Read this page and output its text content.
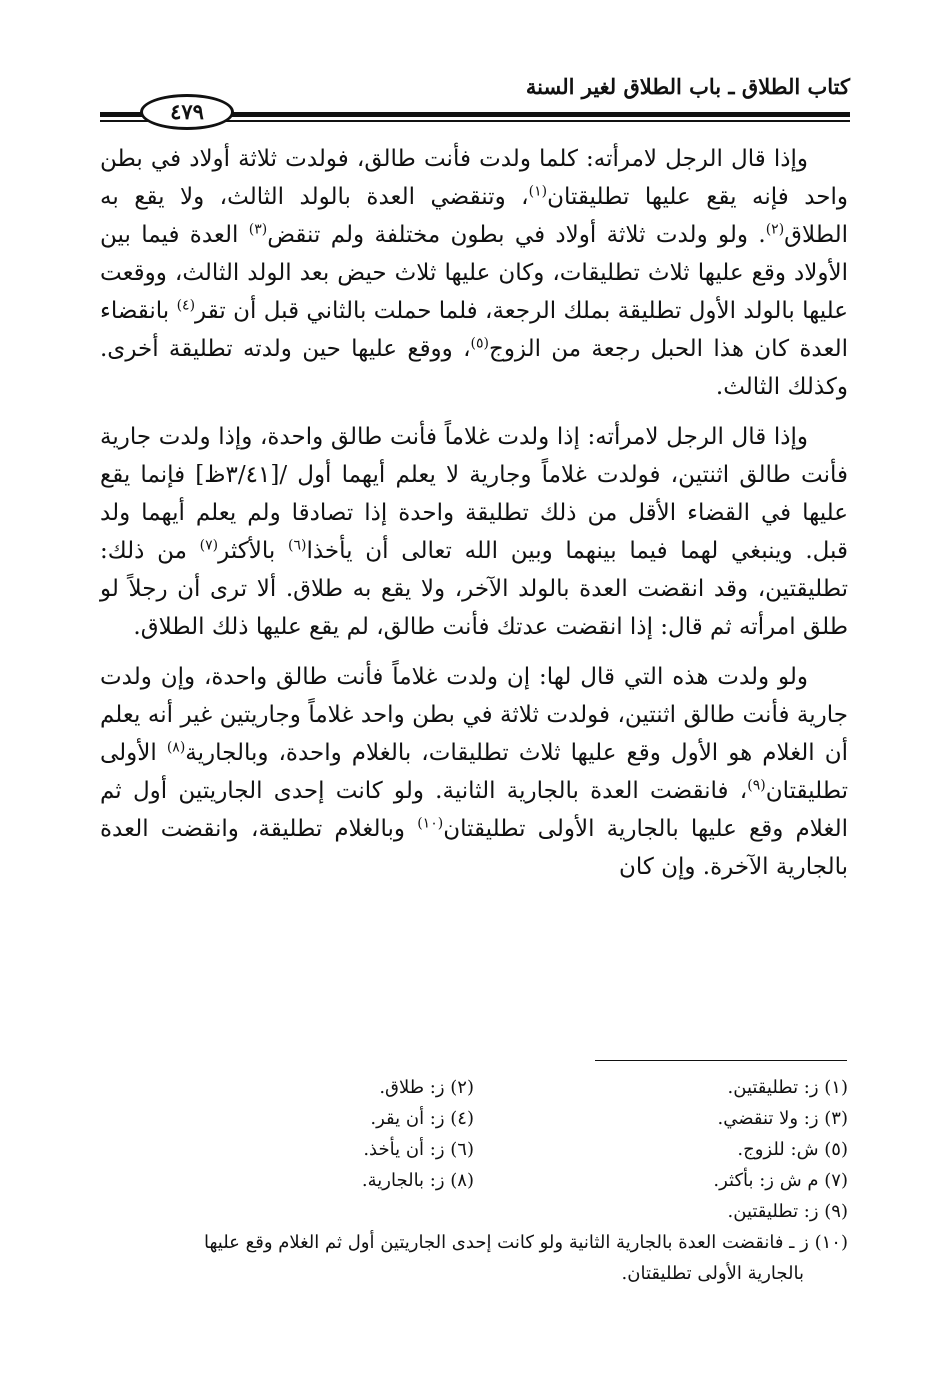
كتاب الطلاق ـ باب الطلاق لغير السنة
٤٧٩

وإذا قال الرجل لامرأته: كلما ولدت فأنت طالق، فولدت ثلاثة أولاد في بطن واحد فإنه يقع عليها تطليقتان$^{(١)}$، وتنقضي العدة بالولد الثالث، ولا يقع به الطلاق$^{(٢)}$. ولو ولدت ثلاثة أولاد في بطون مختلفة ولم تنقض$^{(٣)}$ العدة فيما بين الأولاد وقع عليها ثلاث تطليقات، وكان عليها ثلاث حيض بعد الولد الثالث، ووقعت عليها بالولد الأول تطليقة بملك الرجعة، فلما حملت بالثاني قبل أن تقر$^{(٤)}$ بانقضاء العدة كان هذا الحبل رجعة من الزوج$^{(٥)}$، ووقع عليها حين ولدته تطليقة أخرى. وكذلك الثالث.

وإذا قال الرجل لامرأته: إذا ولدت غلاماً فأنت طالق واحدة، وإذا ولدت جارية فأنت طالق اثنتين، فولدت غلاماً وجارية لا يعلم أيهما أول /[٣/٤١ظ] فإنما يقع عليها في القضاء الأقل من ذلك تطليقة واحدة إذا تصادقا ولم يعلم أيهما ولد قبل. وينبغي لهما فيما بينهما وبين الله تعالى أن يأخذا$^{(٦)}$ بالأكثر$^{(٧)}$ من ذلك: تطليقتين، وقد انقضت العدة بالولد الآخر، ولا يقع به طلاق. ألا ترى أن رجلاً لو طلق امرأته ثم قال: إذا انقضت عدتك فأنت طالق، لم يقع عليها ذلك الطلاق.

ولو ولدت هذه التي قال لها: إن ولدت غلاماً فأنت طالق واحدة، وإن ولدت جارية فأنت طالق اثنتين، فولدت ثلاثة في بطن واحد غلاماً وجاريتين غير أنه يعلم أن الغلام هو الأول وقع عليها ثلاث تطليقات، بالغلام واحدة، وبالجارية$^{(٨)}$ الأولى تطليقتان$^{(٩)}$، فانقضت العدة بالجارية الثانية. ولو كانت إحدى الجاريتين أول ثم الغلام وقع عليها بالجارية الأولى تطليقتان$^{(١٠)}$ وبالغلام تطليقة، وانقضت العدة بالجارية الآخرة. وإن كان

(١) ز: تطليقتين.
(٢) ز: طلاق.
(٣) ز: ولا تنقضي.
(٤) ز: أن يقر.
(٥) ش: للزوج.
(٦) ز: أن يأخذ.
(٧) م ش ز: بأكثر.
(٨) ز: بالجارية.
(٩) ز: تطليقتين.
(١٠) ز ـ فانقضت العدة بالجارية الثانية ولو كانت إحدى الجاريتين أول ثم الغلام وقع عليها
بالجارية الأولى تطليقتان.
